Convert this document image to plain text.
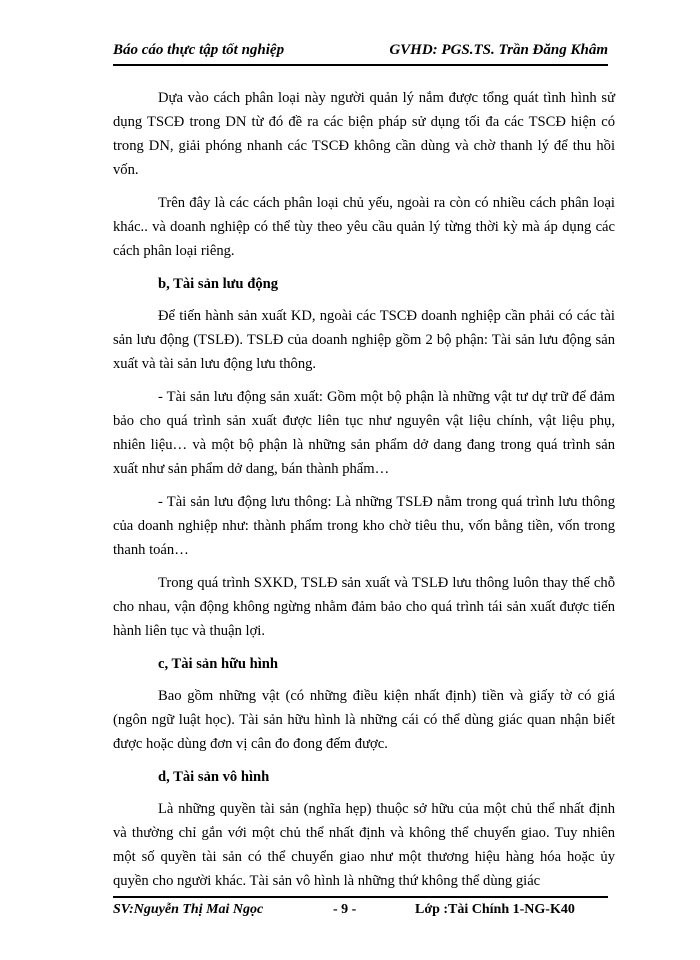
Báo cáo thực tập tốt nghiệp	GVHD: PGS.TS. Trần Đăng Khâm

Dựa vào cách phân loại này người quản lý nắm được tổng quát tình hình sử dụng TSCĐ trong DN từ đó đề ra các biện pháp sử dụng tối đa các TSCĐ hiện có trong DN, giải phóng nhanh các TSCĐ không cần dùng và chờ thanh lý để thu hồi vốn.

Trên đây là các cách phân loại chủ yếu, ngoài ra còn có nhiều cách phân loại khác.. và doanh nghiệp có thể tùy theo yêu cầu quản lý từng thời kỳ mà áp dụng các cách phân loại riêng.

b, Tài sản lưu động

Để tiến hành sản xuất KD, ngoài các TSCĐ doanh nghiệp cần phải có các tài sản lưu động (TSLĐ). TSLĐ của doanh nghiệp gồm 2 bộ phận: Tài sản lưu động sản xuất và tài sản lưu động lưu thông.

- Tài sản lưu động sản xuất: Gồm một bộ phận là những vật tư dự trữ để đảm bảo cho quá trình sản xuất được liên tục như nguyên vật liệu chính, vật liệu phụ, nhiên liệu… và một bộ phận là những sản phẩm dở dang đang trong quá trình sản xuất như sản phẩm dở dang, bán thành phẩm…

- Tài sản lưu động lưu thông: Là những TSLĐ nằm trong quá trình lưu thông của doanh nghiệp như: thành phẩm trong kho chờ tiêu thu, vốn bằng tiền, vốn trong thanh toán…

Trong quá trình SXKD, TSLĐ sản xuất và TSLĐ lưu thông luôn thay thế chỗ cho nhau, vận động không ngừng nhằm đảm bảo cho quá trình tái sản xuất được tiến hành liên tục và thuận lợi.

c, Tài sản hữu hình

Bao gồm những vật (có những điều kiện nhất định) tiền và giấy tờ có giá (ngôn ngữ luật học). Tài sản hữu hình là những cái có thể dùng giác quan nhận biết được hoặc dùng đơn vị cân đo đong đếm được.

d, Tài sản vô hình

Là những quyền tài sản (nghĩa hẹp) thuộc sở hữu của một chủ thể nhất định và thường chỉ gắn với một chủ thể nhất định và không thể chuyển giao. Tuy nhiên một số quyền tài sản có thể chuyển giao như một thương hiệu hàng hóa hoặc ủy quyền cho người khác. Tài sản vô hình là những thứ không thể dùng giác

SV:Nguyễn Thị Mai Ngọc	- 9 -	Lớp :Tài Chính 1-NG-K40
